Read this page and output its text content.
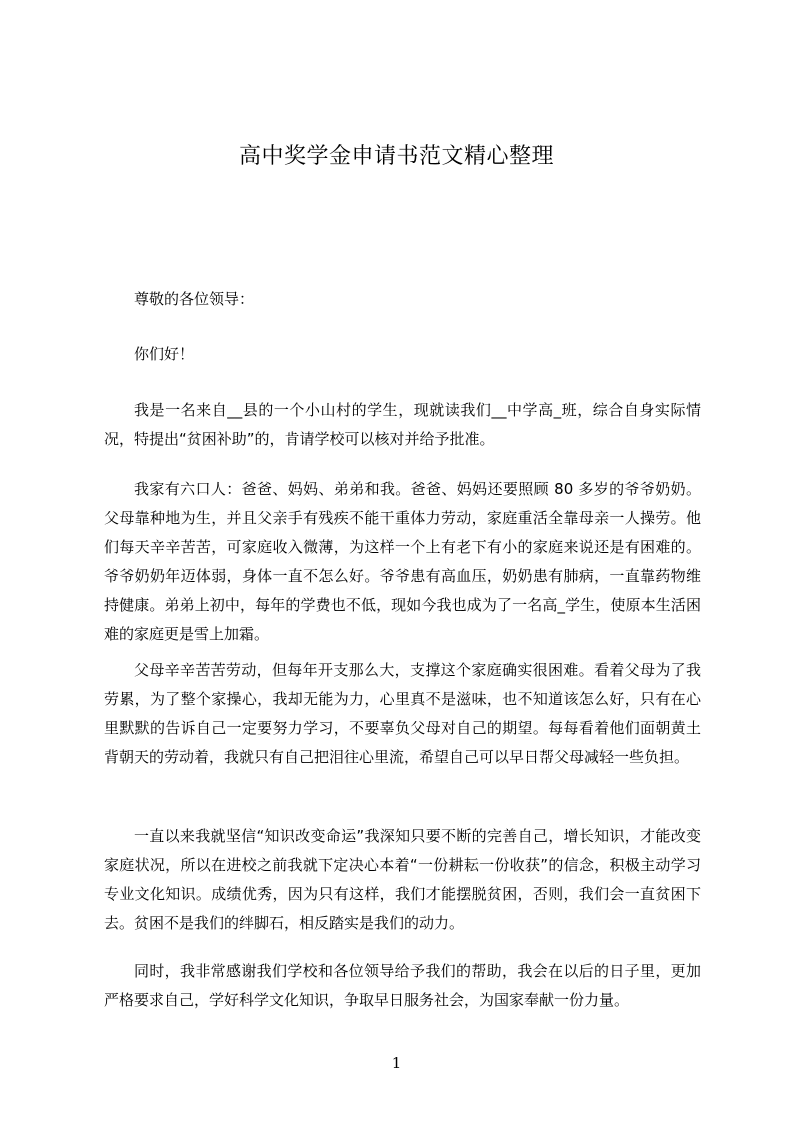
高中奖学金申请书范文精心整理

尊敬的各位领导：

你们好！

我是一名来自__县的一个小山村的学生，现就读我们__中学高_班，综合自身实际情况，特提出“贫困补助”的，肯请学校可以核对并给予批准。

我家有六口人：爸爸、妈妈、弟弟和我。爸爸、妈妈还要照顾 80 多岁的爷爷奶奶。父母靠种地为生，并且父亲手有残疾不能干重体力劳动，家庭重活全靠母亲一人操劳。他们每天辛辛苦苦，可家庭收入微薄，为这样一个上有老下有小的家庭来说还是有困难的。爷爷奶奶年迈体弱，身体一直不怎么好。爷爷患有高血压，奶奶患有肺病，一直靠药物维持健康。弟弟上初中，每年的学费也不低，现如今我也成为了一名高_学生，使原本生活困难的家庭更是雪上加霜。

父母辛辛苦苦劳动，但每年开支那么大，支撑这个家庭确实很困难。看着父母为了我劳累，为了整个家操心，我却无能为力，心里真不是滋味，也不知道该怎么好，只有在心里默默的告诉自己一定要努力学习，不要辜负父母对自己的期望。每每看着他们面朝黄土背朝天的劳动着，我就只有自己把泪往心里流，希望自己可以早日帮父母减轻一些负担。

一直以来我就坚信“知识改变命运”我深知只要不断的完善自己，增长知识，才能改变家庭状况，所以在进校之前我就下定决心本着“一份耕耘一份收获”的信念，积极主动学习专业文化知识。成绩优秀，因为只有这样，我们才能摆脱贫困，否则，我们会一直贫困下去。贫困不是我们的绊脚石，相反踏实是我们的动力。

同时，我非常感谢我们学校和各位领导给予我们的帮助，我会在以后的日子里，更加严格要求自己，学好科学文化知识，争取早日服务社会，为国家奉献一份力量。

1
